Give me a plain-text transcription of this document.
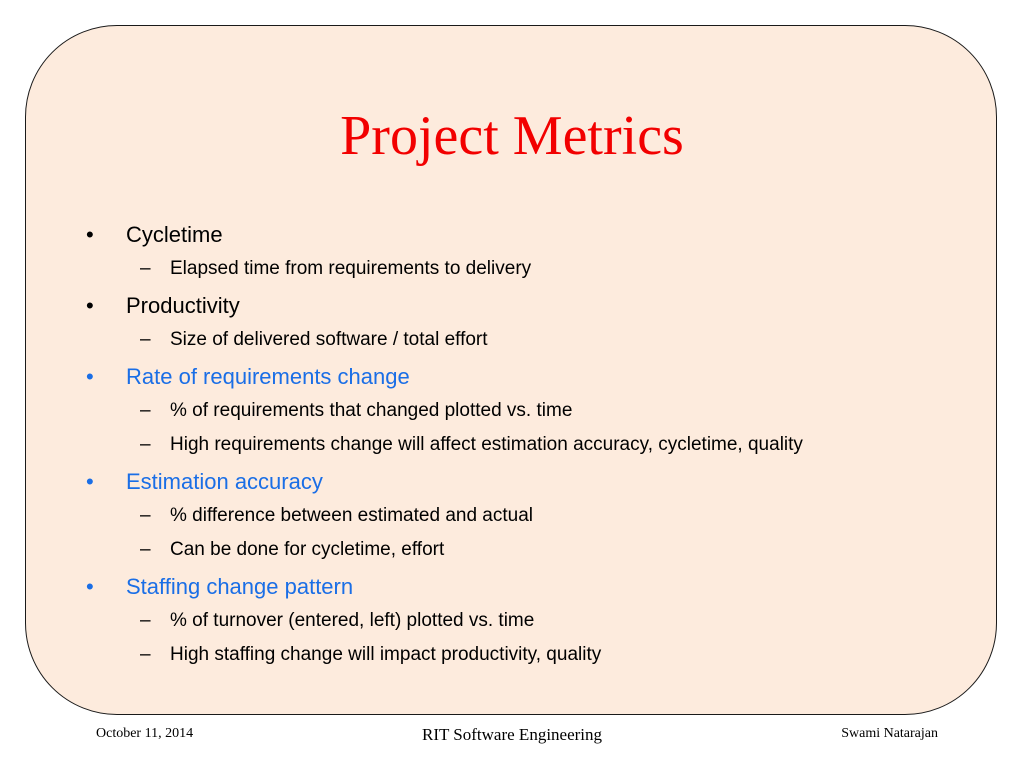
Project Metrics
• Cycletime
– Elapsed time from requirements to delivery
• Productivity
– Size of delivered software / total effort
• Rate of requirements change
– % of requirements that changed plotted vs. time
– High requirements change will affect estimation accuracy, cycletime, quality
• Estimation accuracy
– % difference between estimated and actual
– Can be done for cycletime, effort
• Staffing change pattern
– % of turnover (entered, left) plotted vs. time
– High staffing change will impact productivity, quality
October 11, 2014	RIT Software Engineering	Swami Natarajan
